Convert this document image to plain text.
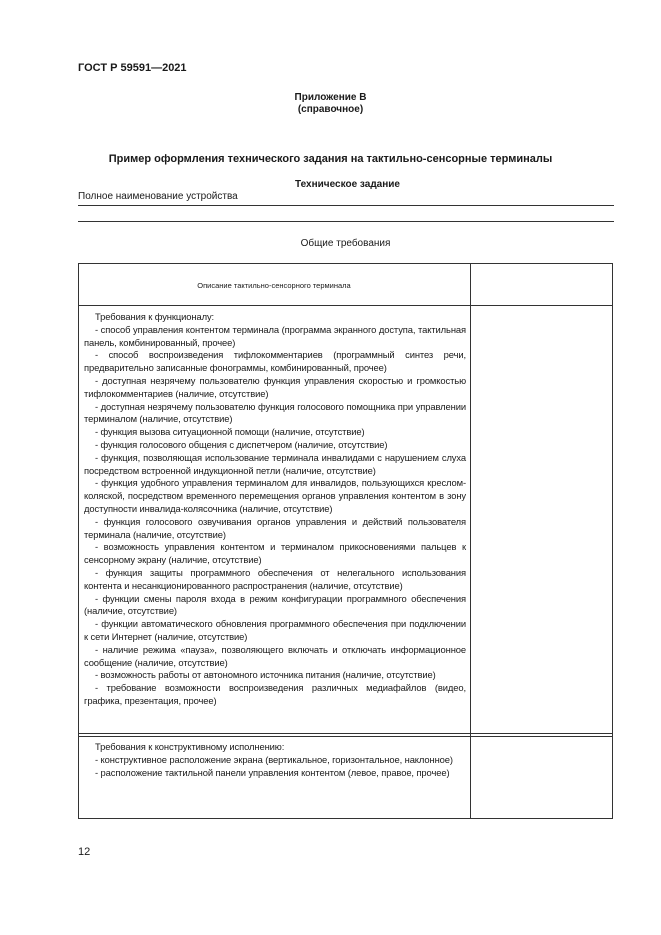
ГОСТ Р 59591—2021
Приложение В
(справочное)
Пример оформления технического задания на тактильно-сенсорные терминалы
Техническое задание
Полное наименование устройства
Общие требования
Описание тактильно-сенсорного терминала

Требования к функционалу:

- способ управления контентом терминала (программа экранного доступа, тактильная панель, комбинированный, прочее)

- способ воспроизведения тифлокомментариев (программный синтез речи, предварительно записанные фонограммы, комбинированный, прочее)

- доступная незрячему пользователю функция управления скоростью и громкостью тифлокомментариев (наличие, отсутствие)

- доступная незрячему пользователю функция голосового помощника при управлении терминалом (наличие, отсутствие)

- функция вызова ситуационной помощи (наличие, отсутствие)

- функция голосового общения с диспетчером (наличие, отсутствие)

- функция, позволяющая использование терминала инвалидами с нарушением слуха посредством встроенной индукционной петли (наличие, отсутствие)

- функция удобного управления терминалом для инвалидов, пользующихся креслом-коляской, посредством временного перемещения органов управления контентом в зону доступности инвалида-колясочника (наличие, отсутствие)

- функция голосового озвучивания органов управления и действий пользователя терминала (наличие, отсутствие)

- возможность управления контентом и терминалом прикосновениями пальцев к сенсорному экрану (наличие, отсутствие)

- функция защиты программного обеспечения от нелегального использования контента и несанкционированного распространения (наличие, отсутствие)

- функции смены пароля входа в режим конфигурации программного обеспечения (наличие, отсутствие)

- функции автоматического обновления программного обеспечения при подключении к сети Интернет (наличие, отсутствие)

- наличие режима «пауза», позволяющего включать и отключать информационное сообщение (наличие, отсутствие)

- возможность работы от автономного источника питания (наличие, отсутствие)

- требование возможности воспроизведения различных медиафайлов (видео, графика, презентация, прочее)

Требования к конструктивному исполнению:

- конструктивное расположение экрана (вертикальное, горизонтальное, наклонное)

- расположение тактильной панели управления контентом (левое, правое, прочее)

12
